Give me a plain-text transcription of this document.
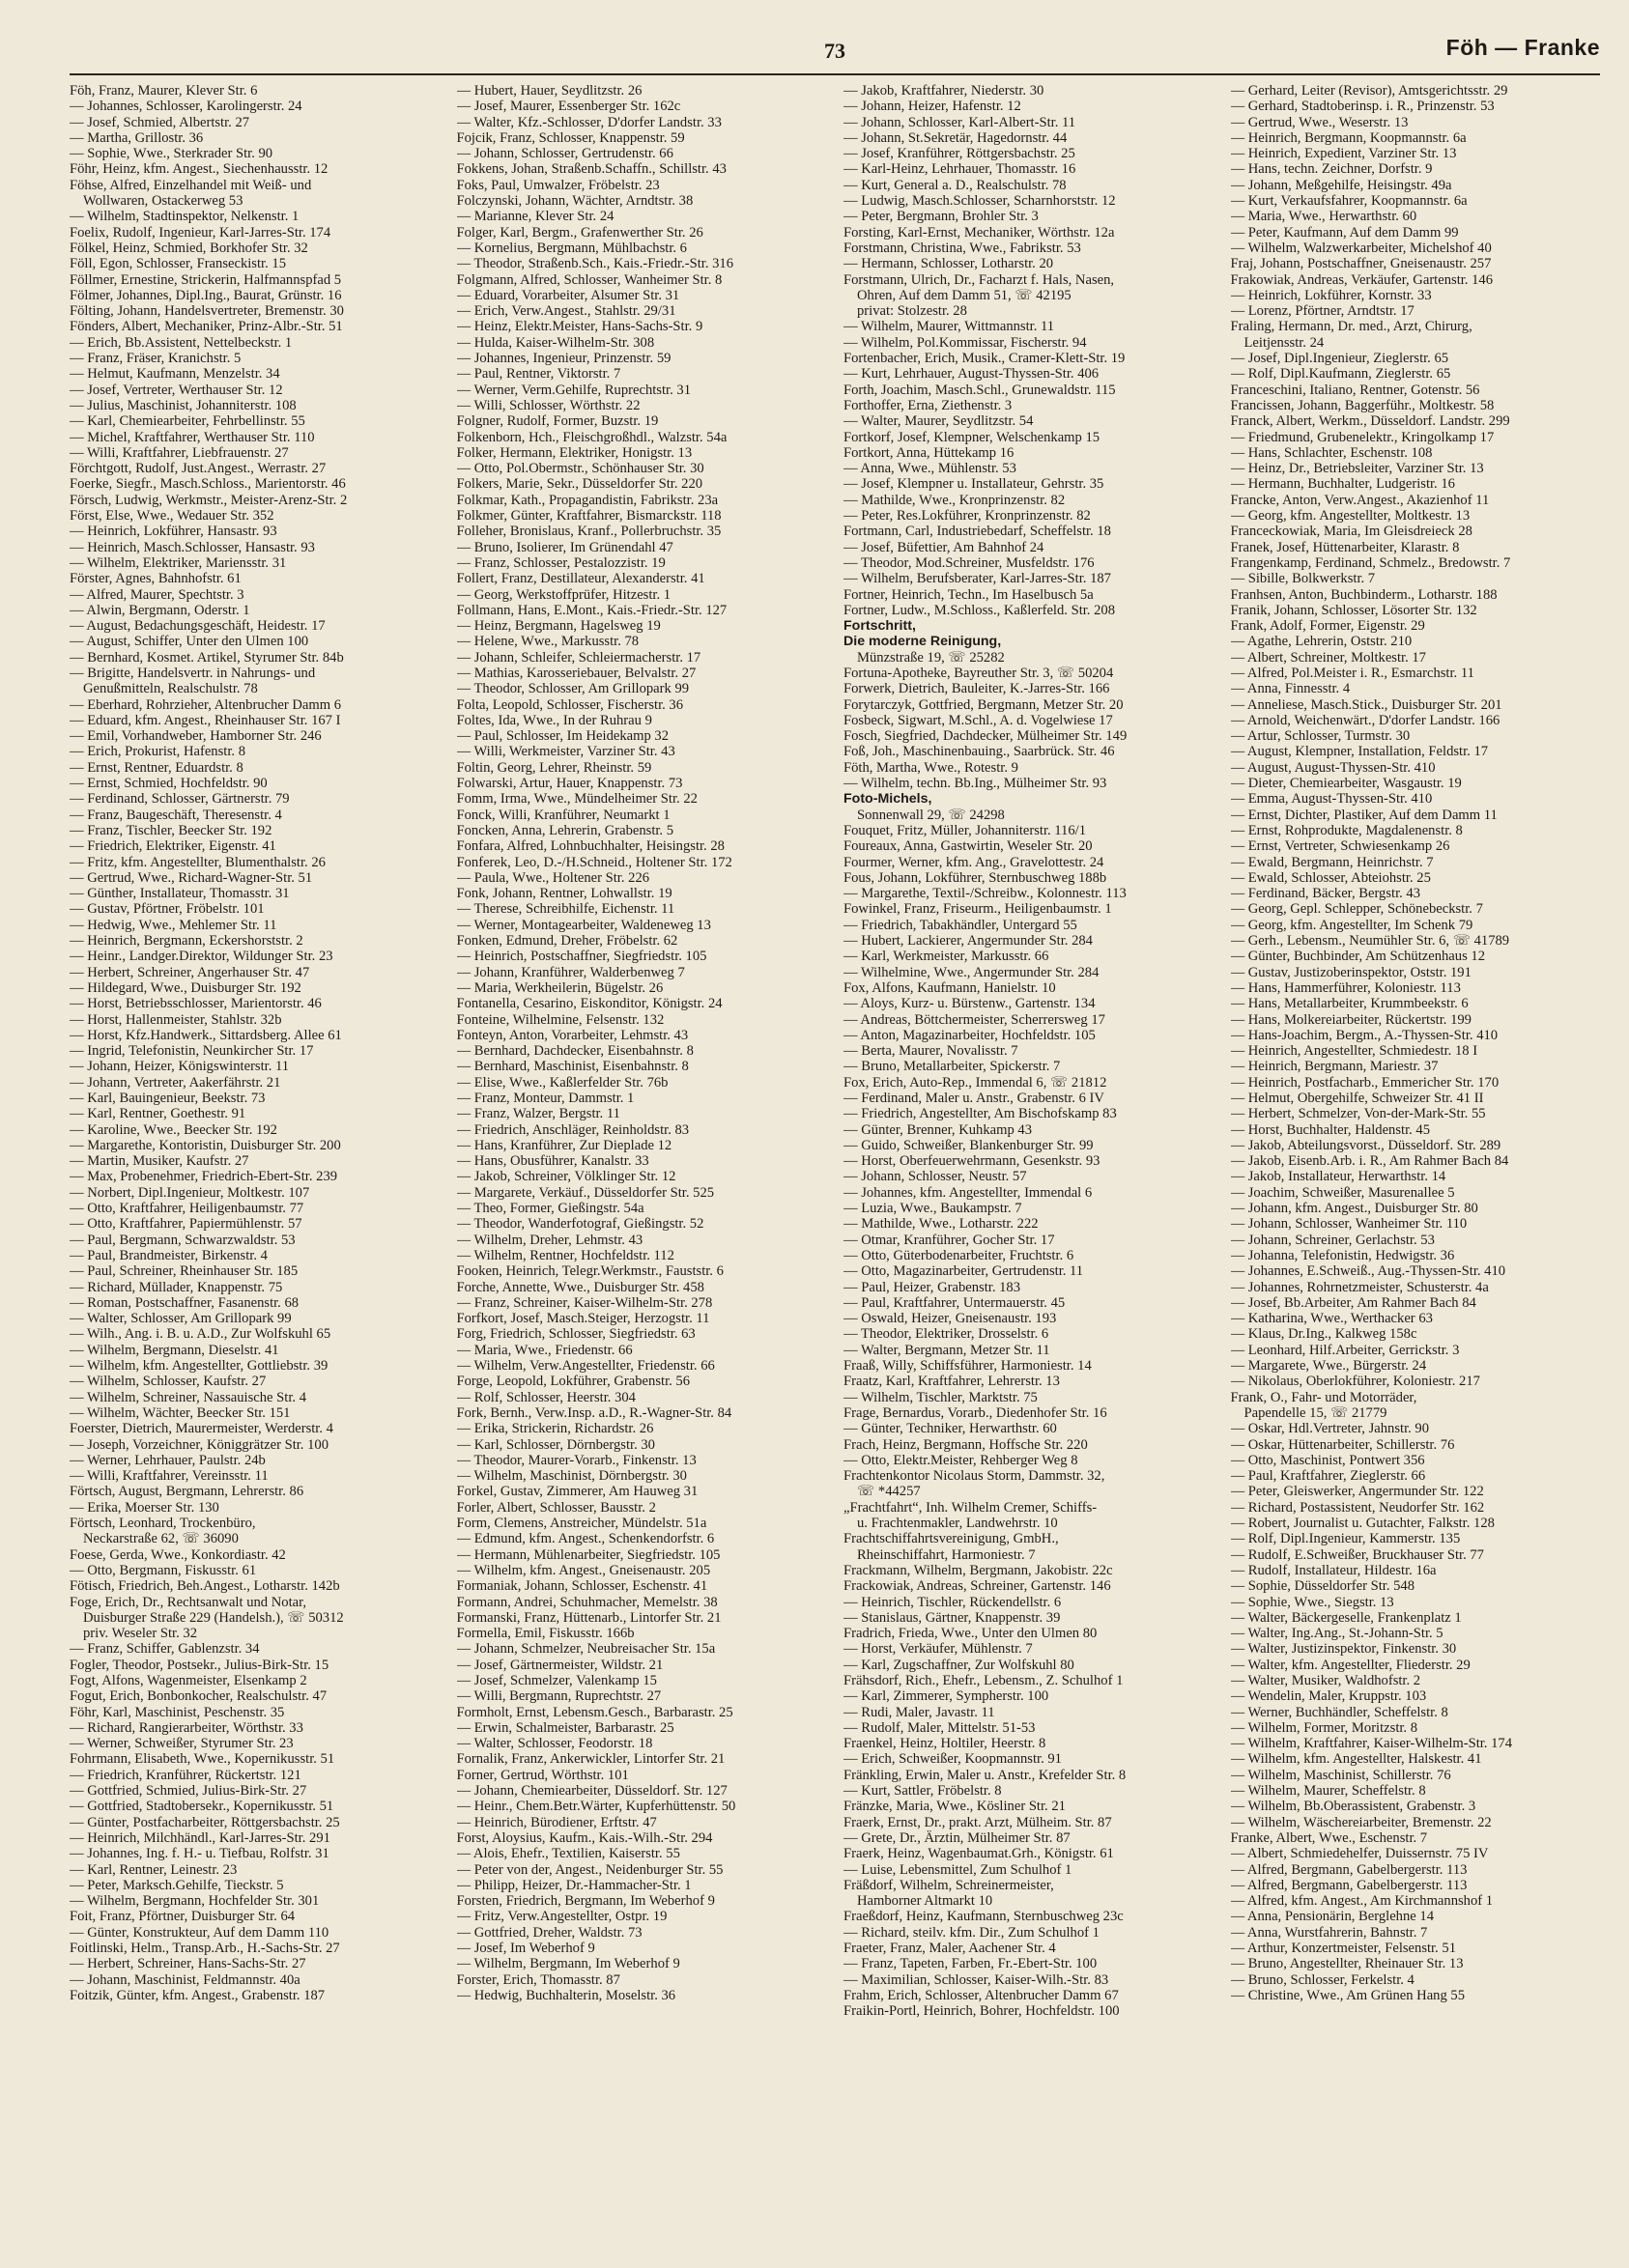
73	Föh — Franke
Föh, Franz, Maurer, Klever Str. 6
— Johannes, Schlosser, Karolingerstr. 24
— Josef, Schmied, Albertstr. 27
— Martha, Grillostr. 36
— Sophie, Wwe., Sterkrader Str. 90
Föhr, Heinz, kfm. Angest., Siechenhausstr. 12
Föhse, Alfred, Einzelhandel mit Weiß- und
Wollwaren, Ostackerweg 53
— Wilhelm, Stadtinspektor, Nelkenstr. 1
Foelix, Rudolf, Ingenieur, Karl-Jarres-Str. 174
Fölkel, Heinz, Schmied, Borkhofer Str. 32
Föll, Egon, Schlosser, Franseckistr. 15
Föllmer, Ernestine, Strickerin, Halfmannspfad 5
Fölmer, Johannes, Dipl.Ing., Baurat, Grünstr. 16
Fölting, Johann, Handelsvertreter, Bremenstr. 30
Fönders, Albert, Mechaniker, Prinz-Albr.-Str. 51
— Erich, Bb.Assistent, Nettelbeckstr. 1
— Franz, Fräser, Kranichstr. 5
— Helmut, Kaufmann, Menzelstr. 34
— Josef, Vertreter, Werthauser Str. 12
— Julius, Maschinist, Johanniterstr. 108
— Karl, Chemiearbeiter, Fehrbellinstr. 55
— Michel, Kraftfahrer, Werthauser Str. 110
— Willi, Kraftfahrer, Liebfrauenstr. 27
Förchtgott, Rudolf, Just.Angest., Werrastr. 27
Foerke, Siegfr., Masch.Schloss., Marientorstr. 46
Försch, Ludwig, Werkmstr., Meister-Arenz-Str. 2
Först, Else, Wwe., Wedauer Str. 352
— Heinrich, Lokführer, Hansastr. 93
— Heinrich, Masch.Schlosser, Hansastr. 93
— Wilhelm, Elektriker, Mariensstr. 31
Förster, Agnes, Bahnhofstr. 61
— Alfred, Maurer, Spechtstr. 3
— Alwin, Bergmann, Oderstr. 1
— August, Bedachungsgeschäft, Heidestr. 17
— August, Schiffer, Unter den Ulmen 100
— Bernhard, Kosmet. Artikel, Styrumer Str. 84b
— Brigitte, Handelsvertr. in Nahrungs- und
Genußmitteln, Realschulstr. 78
— Eberhard, Rohrzieher, Altenbrucher Damm 6
— Eduard, kfm. Angest., Rheinhauser Str. 167 I
— Emil, Vorhandweber, Hamborner Str. 246
— Erich, Prokurist, Hafenstr. 8
— Ernst, Rentner, Eduardstr. 8
— Ernst, Schmied, Hochfeldstr. 90
— Ferdinand, Schlosser, Gärtnerstr. 79
— Franz, Baugeschäft, Theresenstr. 4
— Franz, Tischler, Beecker Str. 192
— Friedrich, Elektriker, Eigenstr. 41
— Fritz, kfm. Angestellter, Blumenthalstr. 26
— Gertrud, Wwe., Richard-Wagner-Str. 51
— Günther, Installateur, Thomasstr. 31
— Gustav, Pförtner, Fröbelstr. 101
— Hedwig, Wwe., Mehlemer Str. 11
— Heinrich, Bergmann, Eckershorststr. 2
— Heinr., Landger.Direktor, Wildunger Str. 23
— Herbert, Schreiner, Angerhauser Str. 47
— Hildegard, Wwe., Duisburger Str. 192
— Horst, Betriebsschlosser, Marientorstr. 46
— Horst, Hallenmeister, Stahlstr. 32b
— Horst, Kfz.Handwerk., Sittardsberg. Allee 61
— Ingrid, Telefonistin, Neunkircher Str. 17
— Johann, Heizer, Königswinterstr. 11
— Johann, Vertreter, Aakerfährstr. 21
— Karl, Bauingenieur, Beekstr. 73
— Karl, Rentner, Goethestr. 91
— Karoline, Wwe., Beecker Str. 192
— Margarethe, Kontoristin, Duisburger Str. 200
— Martin, Musiker, Kaufstr. 27
— Max, Probenehmer, Friedrich-Ebert-Str. 239
— Norbert, Dipl.Ingenieur, Moltkestr. 107
— Otto, Kraftfahrer, Heiligenbaumstr. 77
— Otto, Kraftfahrer, Papiermühlenstr. 57
— Paul, Bergmann, Schwarzwaldstr. 53
— Paul, Brandmeister, Birkenstr. 4
— Paul, Schreiner, Rheinhauser Str. 185
— Richard, Müllader, Knappenstr. 75
— Roman, Postschaffner, Fasanenstr. 68
— Walter, Schlosser, Am Grillopark 99
— Wilh., Ang. i. B. u. A.D., Zur Wolfskuhl 65
— Wilhelm, Bergmann, Dieselstr. 41
— Wilhelm, kfm. Angestellter, Gottliebstr. 39
— Wilhelm, Schlosser, Kaufstr. 27
— Wilhelm, Schreiner, Nassauische Str. 4
— Wilhelm, Wächter, Beecker Str. 151
Foerster, Dietrich, Maurermeister, Werderstr. 4
— Joseph, Vorzeichner, Königgrätzer Str. 100
— Werner, Lehrhauer, Paulstr. 24b
— Willi, Kraftfahrer, Vereinsstr. 11
Förtsch, August, Bergmann, Lehrerstr. 86
— Erika, Moerser Str. 130
Förtsch, Leonhard, Trockenbüro,
Neckarstraße 62, ☏ 36090
Foese, Gerda, Wwe., Konkordiastr. 42
— Otto, Bergmann, Fiskusstr. 61
Fötisch, Friedrich, Beh.Angest., Lotharstr. 142b
Foge, Erich, Dr., Rechtsanwalt und Notar,
Duisburger Straße 229 (Handelsh.), ☏ 50312
priv. Weseler Str. 32
— Franz, Schiffer, Gablenzstr. 34
Fogler, Theodor, Postsekr., Julius-Birk-Str. 15
Fogt, Alfons, Wagenmeister, Elsenkamp 2
Fogut, Erich, Bonbonkocher, Realschulstr. 47
Föhr, Karl, Maschinist, Peschenstr. 35
— Richard, Rangierarbeiter, Wörthstr. 33
— Werner, Schweißer, Styrumer Str. 23
Fohrmann, Elisabeth, Wwe., Kopernikusstr. 51
— Friedrich, Kranführer, Rückertstr. 121
— Gottfried, Schmied, Julius-Birk-Str. 27
— Gottfried, Stadtobersekr., Kopernikusstr. 51
— Günter, Postfacharbeiter, Röttgersbachstr. 25
— Heinrich, Milchhändl., Karl-Jarres-Str. 291
— Johannes, Ing. f. H.- u. Tiefbau, Rolfstr. 31
— Karl, Rentner, Leinestr. 23
— Peter, Marksch.Gehilfe, Tieckstr. 5
— Wilhelm, Bergmann, Hochfelder Str. 301
Foit, Franz, Pförtner, Duisburger Str. 64
— Günter, Konstrukteur, Auf dem Damm 110
Foitlinski, Helm., Transp.Arb., H.-Sachs-Str. 27
— Herbert, Schreiner, Hans-Sachs-Str. 27
— Johann, Maschinist, Feldmannstr. 40a
Foitzik, Günter, kfm. Angest., Grabenstr. 187
— Hubert, Hauer, Seydlitzstr. 26
— Josef, Maurer, Essenberger Str. 162c
— Walter, Kfz.-Schlosser, D'dorfer Landstr. 33
Fojcik, Franz, Schlosser, Knappenstr. 59
— Johann, Schlosser, Gertrudenstr. 66
Fokkens, Johan, Straßenb.Schaffn., Schillstr. 43
Foks, Paul, Umwalzer, Fröbelstr. 23
Folczynski, Johann, Wächter, Arndtstr. 38
— Marianne, Klever Str. 24
Folger, Karl, Bergm., Grafenwerther Str. 26
— Kornelius, Bergmann, Mühlbachstr. 6
— Theodor, Straßenb.Sch., Kais.-Friedr.-Str. 316
Folgmann, Alfred, Schlosser, Wanheimer Str. 8
— Eduard, Vorarbeiter, Alsumer Str. 31
— Erich, Verw.Angest., Stahlstr. 29/31
— Heinz, Elektr.Meister, Hans-Sachs-Str. 9
— Hulda, Kaiser-Wilhelm-Str. 308
— Johannes, Ingenieur, Prinzenstr. 59
— Paul, Rentner, Viktorstr. 7
— Werner, Verm.Gehilfe, Ruprechtstr. 31
— Willi, Schlosser, Wörthstr. 22
Folgner, Rudolf, Former, Buzstr. 19
Folkenborn, Hch., Fleischgroßhdl., Walzstr. 54a
Folker, Hermann, Elektriker, Honigstr. 13
— Otto, Pol.Obermstr., Schönhauser Str. 30
Folkers, Marie, Sekr., Düsseldorfer Str. 220
Folkmar, Kath., Propagandistin, Fabrikstr. 23a
Folkmer, Günter, Kraftfahrer, Bismarckstr. 118
Folleher, Bronislaus, Kranf., Pollerbruchstr. 35
— Bruno, Isolierer, Im Grünendahl 47
— Franz, Schlosser, Pestalozzistr. 19
Follert, Franz, Destillateur, Alexanderstr. 41
— Georg, Werkstoffprüfer, Hitzestr. 1
Follmann, Hans, E.Mont., Kais.-Friedr.-Str. 127
— Heinz, Bergmann, Hagelsweg 19
— Helene, Wwe., Markusstr. 78
— Johann, Schleifer, Schleiermacherstr. 17
— Mathias, Karosseriebauer, Belvalstr. 27
— Theodor, Schlosser, Am Grillopark 99
Folta, Leopold, Schlosser, Fischerstr. 36
Foltes, Ida, Wwe., In der Ruhrau 9
— Paul, Schlosser, Im Heidekamp 32
— Willi, Werkmeister, Varziner Str. 43
Foltin, Georg, Lehrer, Rheinstr. 59
Folwarski, Artur, Hauer, Knappenstr. 73
Fomm, Irma, Wwe., Mündelheimer Str. 22
Fonck, Willi, Kranführer, Neumarkt 1
Foncken, Anna, Lehrerin, Grabenstr. 5
Fonfara, Alfred, Lohnbuchhalter, Heisingstr. 28
Fonferek, Leo, D.-/H.Schneid., Holtener Str. 172
— Paula, Wwe., Holtener Str. 226
Fonk, Johann, Rentner, Lohwallstr. 19
— Therese, Schreibhilfe, Eichenstr. 11
— Werner, Montagearbeiter, Waldeneweg 13
Fonken, Edmund, Dreher, Fröbelstr. 62
— Heinrich, Postschaffner, Siegfriedstr. 105
— Johann, Kranführer, Walderbenweg 7
— Maria, Werkheilerin, Bügelstr. 26
Fontanella, Cesarino, Eiskonditor, Königstr. 24
Fonteine, Wilhelmine, Felsenstr. 132
Fonteyn, Anton, Vorarbeiter, Lehmstr. 43
— Bernhard, Dachdecker, Eisenbahnstr. 8
— Bernhard, Maschinist, Eisenbahnstr. 8
— Elise, Wwe., Kaßlerfelder Str. 76b
— Franz, Monteur, Dammstr. 1
— Franz, Walzer, Bergstr. 11
— Friedrich, Anschläger, Reinholdstr. 83
— Hans, Kranführer, Zur Dieplade 12
— Hans, Obusführer, Kanalstr. 33
— Jakob, Schreiner, Völklinger Str. 12
— Margarete, Verkäuf., Düsseldorfer Str. 525
— Theo, Former, Gießingstr. 54a
— Theodor, Wanderfotograf, Gießingstr. 52
— Wilhelm, Dreher, Lehmstr. 43
— Wilhelm, Rentner, Hochfeldstr. 112
Fooken, Heinrich, Telegr.Werkmstr., Fauststr. 6
Forche, Annette, Wwe., Duisburger Str. 458
— Franz, Schreiner, Kaiser-Wilhelm-Str. 278
Forfkort, Josef, Masch.Steiger, Herzogstr. 11
Forg, Friedrich, Schlosser, Siegfriedstr. 63
— Maria, Wwe., Friedenstr. 66
— Wilhelm, Verw.Angestellter, Friedenstr. 66
Forge, Leopold, Lokführer, Grabenstr. 56
— Rolf, Schlosser, Heerstr. 304
Fork, Bernh., Verw.Insp. a.D., R.-Wagner-Str. 84
— Erika, Strickerin, Richardstr. 26
— Karl, Schlosser, Dörnbergstr. 30
— Theodor, Maurer-Vorarb., Finkenstr. 13
— Wilhelm, Maschinist, Dörnbergstr. 30
Forkel, Gustav, Zimmerer, Am Hauweg 31
Forler, Albert, Schlosser, Bausstr. 2
Form, Clemens, Anstreicher, Mündelstr. 51a
— Edmund, kfm. Angest., Schenkendorfstr. 6
— Hermann, Mühlenarbeiter, Siegfriedstr. 105
— Wilhelm, kfm. Angest., Gneisenaustr. 205
Formaniak, Johann, Schlosser, Eschenstr. 41
Formann, Andrei, Schuhmacher, Memelstr. 38
Formanski, Franz, Hüttenarb., Lintorfer Str. 21
Formella, Emil, Fiskusstr. 166b
— Johann, Schmelzer, Neubreisacher Str. 15a
— Josef, Gärtnermeister, Wildstr. 21
— Josef, Schmelzer, Valenkamp 15
— Willi, Bergmann, Ruprechtstr. 27
Formholt, Ernst, Lebensm.Gesch., Barbarastr. 25
— Erwin, Schalmeister, Barbarastr. 25
— Walter, Schlosser, Feodorstr. 18
Fornalik, Franz, Ankerwickler, Lintorfer Str. 21
Forner, Gertrud, Wörthstr. 101
— Johann, Chemiearbeiter, Düsseldorf. Str. 127
— Heinr., Chem.Betr.Wärter, Kupferhüttenstr. 50
— Heinrich, Bürodiener, Erftstr. 47
Forst, Aloysius, Kaufm., Kais.-Wilh.-Str. 294
— Alois, Ehefr., Textilien, Kaiserstr. 55
— Peter von der, Angest., Neidenburger Str. 55
— Philipp, Heizer, Dr.-Hammacher-Str. 1
Forsten, Friedrich, Bergmann, Im Weberhof 9
— Fritz, Verw.Angestellter, Ostpr. 19
— Gottfried, Dreher, Waldstr. 73
— Josef, Im Weberhof 9
— Wilhelm, Bergmann, Im Weberhof 9
Forster, Erich, Thomasstr. 87
— Hedwig, Buchhalterin, Moselstr. 36
— Jakob, Kraftfahrer, Niederstr. 30
— Johann, Heizer, Hafenstr. 12
— Johann, Schlosser, Karl-Albert-Str. 11
— Johann, St.Sekretär, Hagedornstr. 44
— Josef, Kranführer, Röttgersbachstr. 25
— Karl-Heinz, Lehrhauer, Thomasstr. 16
— Kurt, General a. D., Realschulstr. 78
— Ludwig, Masch.Schlosser, Scharnhorststr. 12
— Peter, Bergmann, Brohler Str. 3
Forsting, Karl-Ernst, Mechaniker, Wörthstr. 12a
Forstmann, Christina, Wwe., Fabrikstr. 53
— Hermann, Schlosser, Lotharstr. 20
Forstmann, Ulrich, Dr., Facharzt f. Hals, Nasen,
Ohren, Auf dem Damm 51, ☏ 42195
privat: Stolzestr. 28
— Wilhelm, Maurer, Wittmannstr. 11
— Wilhelm, Pol.Kommissar, Fischerstr. 94
Fortenbacher, Erich, Musik., Cramer-Klett-Str. 19
— Kurt, Lehrhauer, August-Thyssen-Str. 406
Forth, Joachim, Masch.Schl., Grunewaldstr. 115
Forthoffer, Erna, Ziethenstr. 3
— Walter, Maurer, Seydlitzstr. 54
Fortkorf, Josef, Klempner, Welschenkamp 15
Fortkort, Anna, Hüttekamp 16
— Anna, Wwe., Mühlenstr. 53
— Josef, Klempner u. Installateur, Gehrstr. 35
— Mathilde, Wwe., Kronprinzenstr. 82
— Peter, Res.Lokführer, Kronprinzenstr. 82
Fortmann, Carl, Industriebedarf, Scheffelstr. 18
— Josef, Büfettier, Am Bahnhof 24
— Theodor, Mod.Schreiner, Musfeldstr. 176
— Wilhelm, Berufsberater, Karl-Jarres-Str. 187
Fortner, Heinrich, Techn., Im Haselbusch 5a
Fortner, Ludw., M.Schloss., Kaßlerfeld. Str. 208
Fortschritt,
Die moderne Reinigung,
Münzstraße 19, ☏ 25282
Fortuna-Apotheke, Bayreuther Str. 3, ☏ 50204
Forwerk, Dietrich, Bauleiter, K.-Jarres-Str. 166
Forytarczyk, Gottfried, Bergmann, Metzer Str. 20
Fosbeck, Sigwart, M.Schl., A. d. Vogelwiese 17
Fosch, Siegfried, Dachdecker, Mülheimer Str. 149
Foß, Joh., Maschinenbauing., Saarbrück. Str. 46
Föth, Martha, Wwe., Rotestr. 9
— Wilhelm, techn. Bb.Ing., Mülheimer Str. 93
Foto-Michels,
Sonnenwall 29, ☏ 24298
Fouquet, Fritz, Müller, Johanniterstr. 116/1
Foureaux, Anna, Gastwirtin, Weseler Str. 20
Fourmer, Werner, kfm. Ang., Gravelottestr. 24
Fous, Johann, Lokführer, Sternbuschweg 188b
— Margarethe, Textil-/Schreibw., Kolonnestr. 113
Fowinkel, Franz, Friseurm., Heiligenbaumstr. 1
— Friedrich, Tabakhändler, Untergard 55
— Hubert, Lackierer, Angermunder Str. 284
— Karl, Werkmeister, Markusstr. 66
— Wilhelmine, Wwe., Angermunder Str. 284
Fox, Alfons, Kaufmann, Hanielstr. 10
— Aloys, Kurz- u. Bürstenw., Gartenstr. 134
— Andreas, Böttchermeister, Scherrersweg 17
— Anton, Magazinarbeiter, Hochfeldstr. 105
— Berta, Maurer, Novalisstr. 7
— Bruno, Metallarbeiter, Spickerstr. 7
Fox, Erich, Auto-Rep., Immendal 6, ☏ 21812
— Ferdinand, Maler u. Anstr., Grabenstr. 6 IV
— Friedrich, Angestellter, Am Bischofskamp 83
— Günter, Brenner, Kuhkamp 43
— Guido, Schweißer, Blankenburger Str. 99
— Horst, Oberfeuerwehrmann, Gesenkstr. 93
— Johann, Schlosser, Neustr. 57
— Johannes, kfm. Angestellter, Immendal 6
— Luzia, Wwe., Baukampstr. 7
— Mathilde, Wwe., Lotharstr. 222
— Otmar, Kranführer, Gocher Str. 17
— Otto, Güterbodenarbeiter, Fruchtstr. 6
— Otto, Magazinarbeiter, Gertrudenstr. 11
— Paul, Heizer, Grabenstr. 183
— Paul, Kraftfahrer, Untermauerstr. 45
— Oswald, Heizer, Gneisenaustr. 193
— Theodor, Elektriker, Drosselstr. 6
— Walter, Bergmann, Metzer Str. 11
Fraaß, Willy, Schiffsführer, Harmoniestr. 14
Fraatz, Karl, Kraftfahrer, Lehrerstr. 13
— Wilhelm, Tischler, Marktstr. 75
Frage, Bernardus, Vorarb., Diedenhofer Str. 16
— Günter, Techniker, Herwarthstr. 60
Frach, Heinz, Bergmann, Hoffsche Str. 220
— Otto, Elektr.Meister, Rehberger Weg 8
Frachtenkontor Nicolaus Storm, Dammstr. 32,
☏ *44257
„Frachtfahrt“, Inh. Wilhelm Cremer, Schiffs-
u. Frachtenmakler, Landwehrstr. 10
Frachtschiffahrtsvereinigung, GmbH.,
Rheinschiffahrt, Harmoniestr. 7
Frackmann, Wilhelm, Bergmann, Jakobistr. 22c
Frackowiak, Andreas, Schreiner, Gartenstr. 146
— Heinrich, Tischler, Rückendellstr. 6
— Stanislaus, Gärtner, Knappenstr. 39
Fradrich, Frieda, Wwe., Unter den Ulmen 80
— Horst, Verkäufer, Mühlenstr. 7
— Karl, Zugschaffner, Zur Wolfskuhl 80
Frähsdorf, Rich., Ehefr., Lebensm., Z. Schulhof 1
— Karl, Zimmerer, Sympherstr. 100
— Rudi, Maler, Javastr. 11
— Rudolf, Maler, Mittelstr. 51-53
Fraenkel, Heinz, Holtiler, Heerstr. 8
— Erich, Schweißer, Koopmannstr. 91
Fränkling, Erwin, Maler u. Anstr., Krefelder Str. 8
— Kurt, Sattler, Fröbelstr. 8
Fränzke, Maria, Wwe., Kösliner Str. 21
Fraerk, Ernst, Dr., prakt. Arzt, Mülheim. Str. 87
— Grete, Dr., Ärztin, Mülheimer Str. 87
Fraerk, Heinz, Wagenbaumat.Grh., Königstr. 61
— Luise, Lebensmittel, Zum Schulhof 1
Fräßdorf, Wilhelm, Schreinermeister,
Hamborner Altmarkt 10
Fraeßdorf, Heinz, Kaufmann, Sternbuschweg 23c
— Richard, steilv. kfm. Dir., Zum Schulhof 1
Fraeter, Franz, Maler, Aachener Str. 4
— Franz, Tapeten, Farben, Fr.-Ebert-Str. 100
— Maximilian, Schlosser, Kaiser-Wilh.-Str. 83
Frahm, Erich, Schlosser, Altenbrucher Damm 67
Fraikin-Portl, Heinrich, Bohrer, Hochfeldstr. 100
— Gerhard, Leiter (Revisor), Amtsgerichtsstr. 29
— Gerhard, Stadtoberinsp. i. R., Prinzenstr. 53
— Gertrud, Wwe., Weserstr. 13
— Heinrich, Bergmann, Koopmannstr. 6a
— Heinrich, Expedient, Varziner Str. 13
— Hans, techn. Zeichner, Dorfstr. 9
— Johann, Meßgehilfe, Heisingstr. 49a
— Kurt, Verkaufsfahrer, Koopmannstr. 6a
— Maria, Wwe., Herwarthstr. 60
— Peter, Kaufmann, Auf dem Damm 99
— Wilhelm, Walzwerkarbeiter, Michelshof 40
Fraj, Johann, Postschaffner, Gneisenaustr. 257
Frakowiak, Andreas, Verkäufer, Gartenstr. 146
— Heinrich, Lokführer, Kornstr. 33
— Lorenz, Pförtner, Arndtstr. 17
Fraling, Hermann, Dr. med., Arzt, Chirurg,
Leitjensstr. 24
— Josef, Dipl.Ingenieur, Zieglerstr. 65
— Rolf, Dipl.Kaufmann, Zieglerstr. 65
Franceschini, Italiano, Rentner, Gotenstr. 56
Francissen, Johann, Baggerführ., Moltkestr. 58
Franck, Albert, Werkm., Düsseldorf. Landstr. 299
— Friedmund, Grubenelektr., Kringolkamp 17
— Hans, Schlachter, Eschenstr. 108
— Heinz, Dr., Betriebsleiter, Varziner Str. 13
— Hermann, Buchhalter, Ludgeristr. 16
Francke, Anton, Verw.Angest., Akazienhof 11
— Georg, kfm. Angestellter, Moltkestr. 13
Franceckowiak, Maria, Im Gleisdreieck 28
Franek, Josef, Hüttenarbeiter, Klarastr. 8
Frangenkamp, Ferdinand, Schmelz., Bredowstr. 7
— Sibille, Bolkwerkstr. 7
Franhsen, Anton, Buchbinderm., Lotharstr. 188
Franik, Johann, Schlosser, Lösorter Str. 132
Frank, Adolf, Former, Eigenstr. 29
— Agathe, Lehrerin, Oststr. 210
— Albert, Schreiner, Moltkestr. 17
— Alfred, Pol.Meister i. R., Esmarchstr. 11
— Anna, Finnesstr. 4
— Anneliese, Masch.Stick., Duisburger Str. 201
— Arnold, Weichenwärt., D'dorfer Landstr. 166
— Artur, Schlosser, Turmstr. 30
— August, Klempner, Installation, Feldstr. 17
— August, August-Thyssen-Str. 410
— Dieter, Chemiearbeiter, Wasgaustr. 19
— Emma, August-Thyssen-Str. 410
— Ernst, Dichter, Plastiker, Auf dem Damm 11
— Ernst, Rohprodukte, Magdalenenstr. 8
— Ernst, Vertreter, Schwiesenkamp 26
— Ewald, Bergmann, Heinrichstr. 7
— Ewald, Schlosser, Abteiohstr. 25
— Ferdinand, Bäcker, Bergstr. 43
— Georg, Gepl. Schlepper, Schönebeckstr. 7
— Georg, kfm. Angestellter, Im Schenk 79
— Gerh., Lebensm., Neumühler Str. 6, ☏ 41789
— Günter, Buchbinder, Am Schützenhaus 12
— Gustav, Justizoberinspektor, Oststr. 191
— Hans, Hammerführer, Koloniestr. 113
— Hans, Metallarbeiter, Krummbeekstr. 6
— Hans, Molkereiarbeiter, Rückertstr. 199
— Hans-Joachim, Bergm., A.-Thyssen-Str. 410
— Heinrich, Angestellter, Schmiedestr. 18 I
— Heinrich, Bergmann, Mariestr. 37
— Heinrich, Postfacharb., Emmericher Str. 170
— Helmut, Obergehilfe, Schweizer Str. 41 II
— Herbert, Schmelzer, Von-der-Mark-Str. 55
— Horst, Buchhalter, Haldenstr. 45
— Jakob, Abteilungsvorst., Düsseldorf. Str. 289
— Jakob, Eisenb.Arb. i. R., Am Rahmer Bach 84
— Jakob, Installateur, Herwarthstr. 14
— Joachim, Schweißer, Masurenallee 5
— Johann, kfm. Angest., Duisburger Str. 80
— Johann, Schlosser, Wanheimer Str. 110
— Johann, Schreiner, Gerlachstr. 53
— Johanna, Telefonistin, Hedwigstr. 36
— Johannes, E.Schweiß., Aug.-Thyssen-Str. 410
— Johannes, Rohrnetzmeister, Schusterstr. 4a
— Josef, Bb.Arbeiter, Am Rahmer Bach 84
— Katharina, Wwe., Werthacker 63
— Klaus, Dr.Ing., Kalkweg 158c
— Leonhard, Hilf.Arbeiter, Gerrickstr. 3
— Margarete, Wwe., Bürgerstr. 24
— Nikolaus, Oberlokführer, Koloniestr. 217
Frank, O., Fahr- und Motorräder,
Papendelle 15, ☏ 21779
— Oskar, Hdl.Vertreter, Jahnstr. 90
— Oskar, Hüttenarbeiter, Schillerstr. 76
— Otto, Maschinist, Pontwert 356
— Paul, Kraftfahrer, Zieglerstr. 66
— Peter, Gleiswerker, Angermunder Str. 122
— Richard, Postassistent, Neudorfer Str. 162
— Robert, Journalist u. Gutachter, Falkstr. 128
— Rolf, Dipl.Ingenieur, Kammerstr. 135
— Rudolf, E.Schweißer, Bruckhauser Str. 77
— Rudolf, Installateur, Hildestr. 16a
— Sophie, Düsseldorfer Str. 548
— Sophie, Wwe., Siegstr. 13
— Walter, Bäckergeselle, Frankenplatz 1
— Walter, Ing.Ang., St.-Johann-Str. 5
— Walter, Justizinspektor, Finkenstr. 30
— Walter, kfm. Angestellter, Fliederstr. 29
— Walter, Musiker, Waldhofstr. 2
— Wendelin, Maler, Kruppstr. 103
— Werner, Buchhändler, Scheffelstr. 8
— Wilhelm, Former, Moritzstr. 8
— Wilhelm, Kraftfahrer, Kaiser-Wilhelm-Str. 174
— Wilhelm, kfm. Angestellter, Halskestr. 41
— Wilhelm, Maschinist, Schillerstr. 76
— Wilhelm, Maurer, Scheffelstr. 8
— Wilhelm, Bb.Oberassistent, Grabenstr. 3
— Wilhelm, Wäschereiarbeiter, Bremenstr. 22
Franke, Albert, Wwe., Eschenstr. 7
— Albert, Schmiedehelfer, Duissernstr. 75 IV
— Alfred, Bergmann, Gabelbergerstr. 113
— Alfred, Bergmann, Gabelbergerstr. 113
— Alfred, kfm. Angest., Am Kirchmannshof 1
— Anna, Pensionärin, Berglehne 14
— Anna, Wurstfahrerin, Bahnstr. 7
— Arthur, Konzertmeister, Felsenstr. 51
— Bruno, Angestellter, Rheinauer Str. 13
— Bruno, Schlosser, Ferkelstr. 4
— Christine, Wwe., Am Grünen Hang 55
